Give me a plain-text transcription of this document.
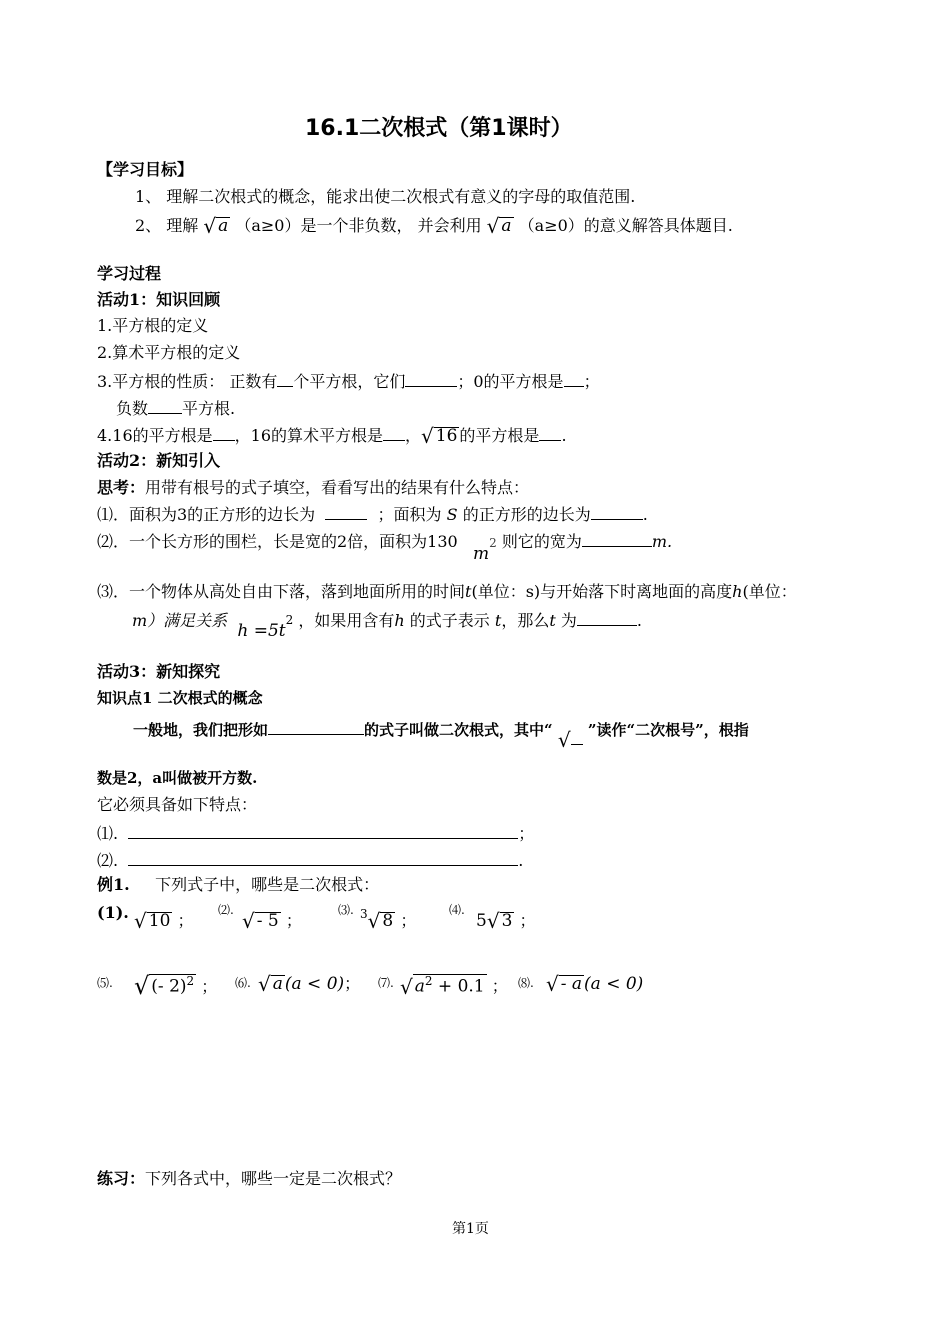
16.1二次根式（第1课时）
【学习目标】
1、 理解二次根式的概念，能求出使二次根式有意义的字母的取值范围.
2、 理解 √ a （a≥0）是一个非负数， 并会利用 √ a （a≥0）的意义解答具体题目.
学习过程
活动1：知识回顾
1.平方根的定义
2.算术平方根的定义
3.平方根的性质： 正数有 个平方根，它们	；0的平方根是 ；
负数 平方根.
4.16的平方根是 ，16的算术平方根是 ，√ 16 的平方根是 .
活动2：新知引入
思考：用带有根号的式子填空，看看写出的结果有什么特点：
⑴．面积为3的正方形的边长为	；面积为 S 的正方形的边长为	.
⑵．一个长方形的围栏，长是宽的2倍，面积为130   m2 则它的宽为	m.
⑶．一个物体从高处自由下落，落到地面所用的时间t(单位：s)与开始落下时离地面的高度h(单位：
m）满足关系  h =5t2 ，如果用含有h 的式子表示 t，那么t 为	.
活动3：新知探究
知识点1 二次根式的概念
一般地，我们把形如	的式子叫做二次根式，其中“ √ ”读作“二次根号”，根指
数是2，a叫做被开方数.
它必须具备如下特点：
⑴.	；
⑵.	.
例1. 下列式子中，哪些是二次根式：
(1). √ 10 ；
⑵. √ - 5 ；
⑶. $^3$√ 8 ；
⑷.
5√ 3 ；
⑸. √ (- 2)$^2$ ； ⑹. √ a (a < 0)； ⑺. √ $a^2 + 0.1$ ； ⑻. √ - a (a < 0)
练习：下列各式中，哪些一定是二次根式？
第1页
